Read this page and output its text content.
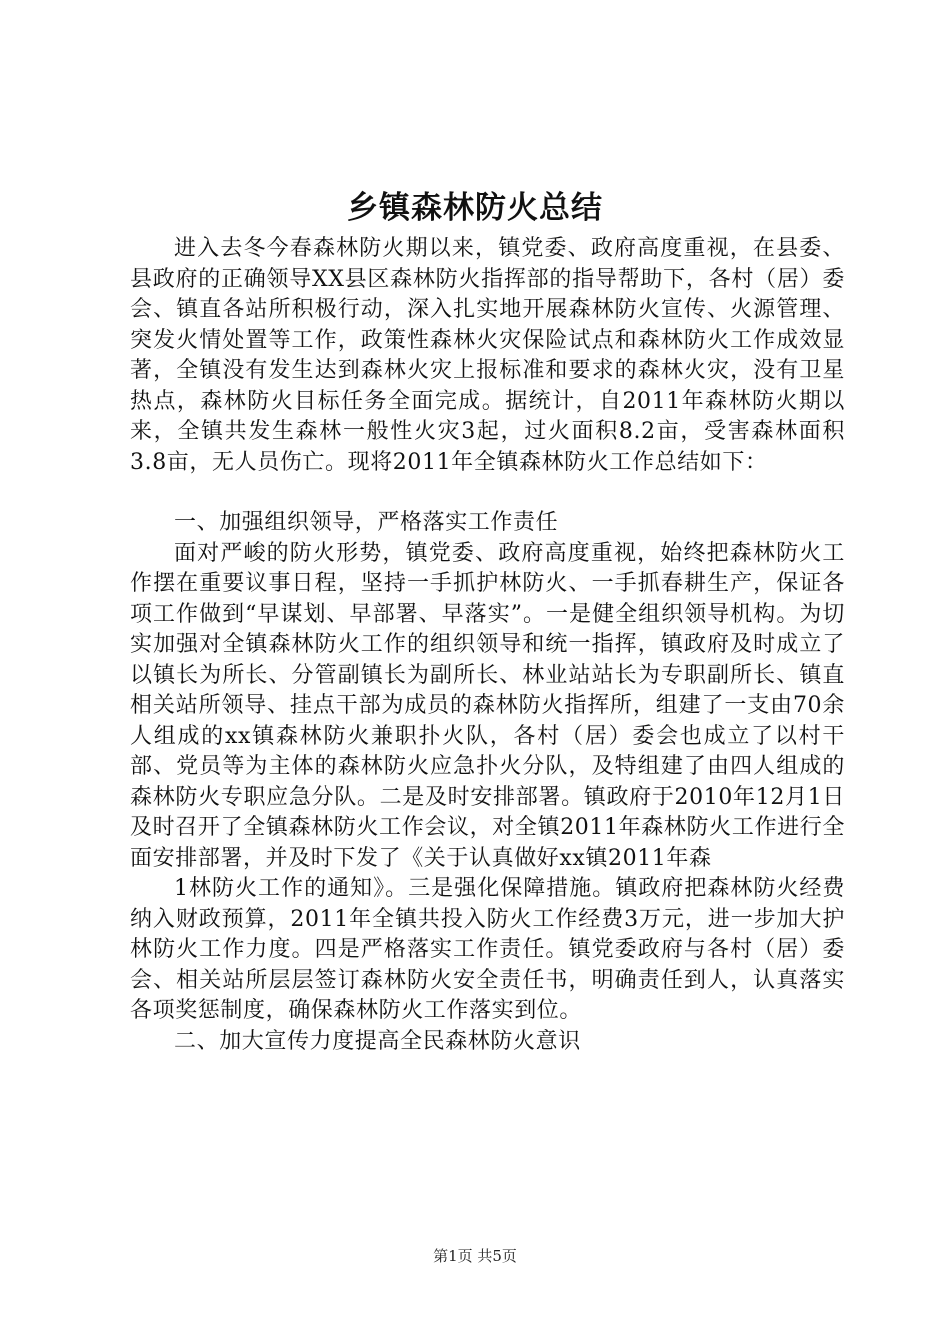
乡镇森林防火总结

进入去冬今春森林防火期以来，镇党委、政府高度重视，在县委、县政府的正确领导XX县区森林防火指挥部的指导帮助下，各村（居）委会、镇直各站所积极行动，深入扎实地开展森林防火宣传、火源管理、突发火情处置等工作，政策性森林火灾保险试点和森林防火工作成效显著，全镇没有发生达到森林火灾上报标准和要求的森林火灾，没有卫星热点，森林防火目标任务全面完成。据统计，自2011年森林防火期以来，全镇共发生森林一般性火灾3起，过火面积8.2亩，受害森林面积3.8亩，无人员伤亡。现将2011年全镇森林防火工作总结如下：

一、加强组织领导，严格落实工作责任

面对严峻的防火形势，镇党委、政府高度重视，始终把森林防火工作摆在重要议事日程，坚持一手抓护林防火、一手抓春耕生产，保证各项工作做到“早谋划、早部署、早落实”。一是健全组织领导机构。为切实加强对全镇森林防火工作的组织领导和统一指挥，镇政府及时成立了以镇长为所长、分管副镇长为副所长、林业站站长为专职副所长、镇直相关站所领导、挂点干部为成员的森林防火指挥所，组建了一支由70余人组成的xx镇森林防火兼职扑火队，各村（居）委会也成立了以村干部、党员等为主体的森林防火应急扑火分队，及特组建了由四人组成的森林防火专职应急分队。二是及时安排部署。镇政府于2010年12月1日及时召开了全镇森林防火工作会议，对全镇2011年森林防火工作进行全面安排部署，并及时下发了《关于认真做好xx镇2011年森

1林防火工作的通知》。三是强化保障措施。镇政府把森林防火经费纳入财政预算，2011年全镇共投入防火工作经费3万元，进一步加大护林防火工作力度。四是严格落实工作责任。镇党委政府与各村（居）委会、相关站所层层签订森林防火安全责任书，明确责任到人，认真落实各项奖惩制度，确保森林防火工作落实到位。

二、加大宣传力度提高全民森林防火意识

第1页 共5页
